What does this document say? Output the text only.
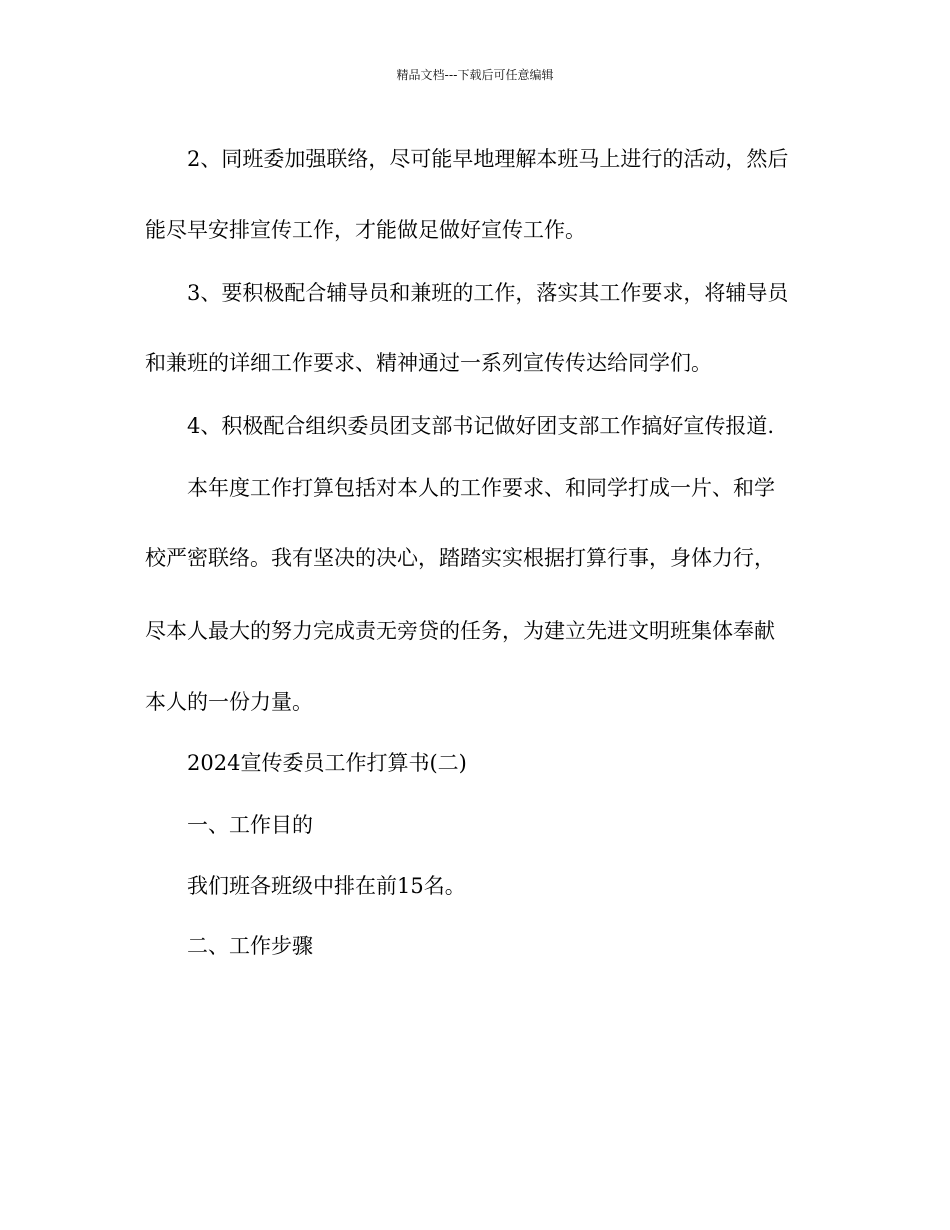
精品文档---下载后可任意编辑

2、同班委加强联络，尽可能早地理解本班马上进行的活动，然后

能尽早安排宣传工作，才能做足做好宣传工作。

3、要积极配合辅导员和兼班的工作，落实其工作要求，将辅导员

和兼班的详细工作要求、精神通过一系列宣传传达给同学们。

4、积极配合组织委员团支部书记做好团支部工作搞好宣传报道.

本年度工作打算包括对本人的工作要求、和同学打成一片、和学

校严密联络。我有坚决的决心，踏踏实实根据打算行事，身体力行，

尽本人最大的努力完成责无旁贷的任务，为建立先进文明班集体奉献

本人的一份力量。

2024宣传委员工作打算书(二)

一、工作目的

我们班各班级中排在前15名。

二、工作步骤
